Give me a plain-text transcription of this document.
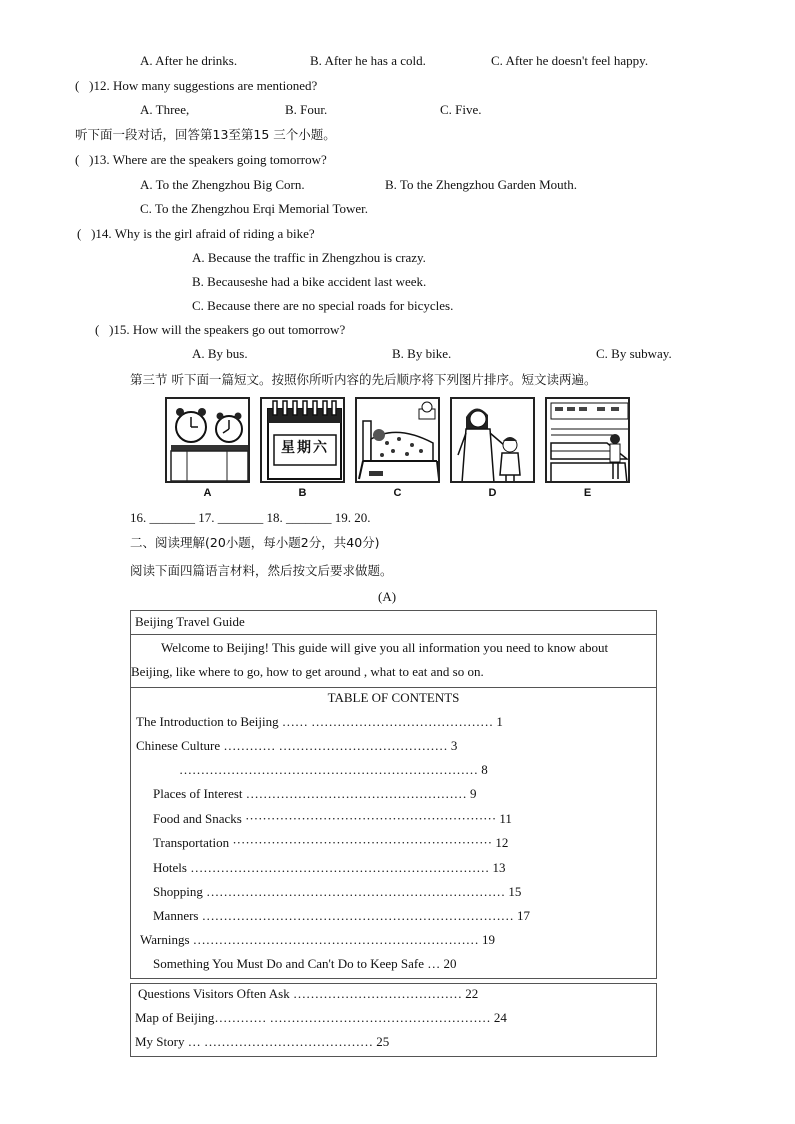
A. After he drinks.	B. After he has a cold.	C. After he doesn't feel happy.
( )12. How many suggestions are mentioned?
A. Three,	B. Four.	C. Five.
听下面一段对话，回答第13至第15 三个小题。
(   )13. Where are the speakers going tomorrow?
A. To the Zhengzhou Big Corn.	B. To the Zhengzhou Garden Mouth.
C. To the Zhengzhou Erqi Memorial Tower.
(   )14. Why is the girl afraid of riding a bike?
A. Because the traffic in Zhengzhou is crazy.
B. Becauseshe had a bike accident last week.
C. Because there are no special roads for bicycles.
(   )15. How will the speakers go out tomorrow?
A. By bus.	B. By bike.	C. By subway.
第三节 听下面一篇短文。按照你所听内容的先后顺序将下列图片排序。短文读两遍。
星期六
A	B	C	D	E
16. _______ 17. _______ 18. _______ 19. 20.
二、阅读理解(20小题，每小题2分，共40分)
阅读下面四篇语言材料，然后按文后要求做题。
(A)
Beijing Travel Guide
Welcome to Beijing! This guide will give you all information you need to know about
Beijing, like where to go, how to get around , what to eat and so on.
TABLE OF CONTENTS
The Introduction to Beijing …… …………………………………… 1
Chinese Culture ………… ………………………………… 3
…………………………………………………………… 8
Places of Interest …………………………………………… 9
Food and Snacks ·························································· 11
Transportation ···························································· 12
Hotels …………………………………………………………… 13
Shopping …………………………………………………………… 15
Manners ……………………………………………………………… 17
Warnings ………………………………………………………… 19
Something You Must Do and Can't Do to Keep Safe … 20
Questions Visitors Often Ask ………………………………… 22
Map of Beijing………… …………………………………………… 24
My Story … ………………………………… 25
